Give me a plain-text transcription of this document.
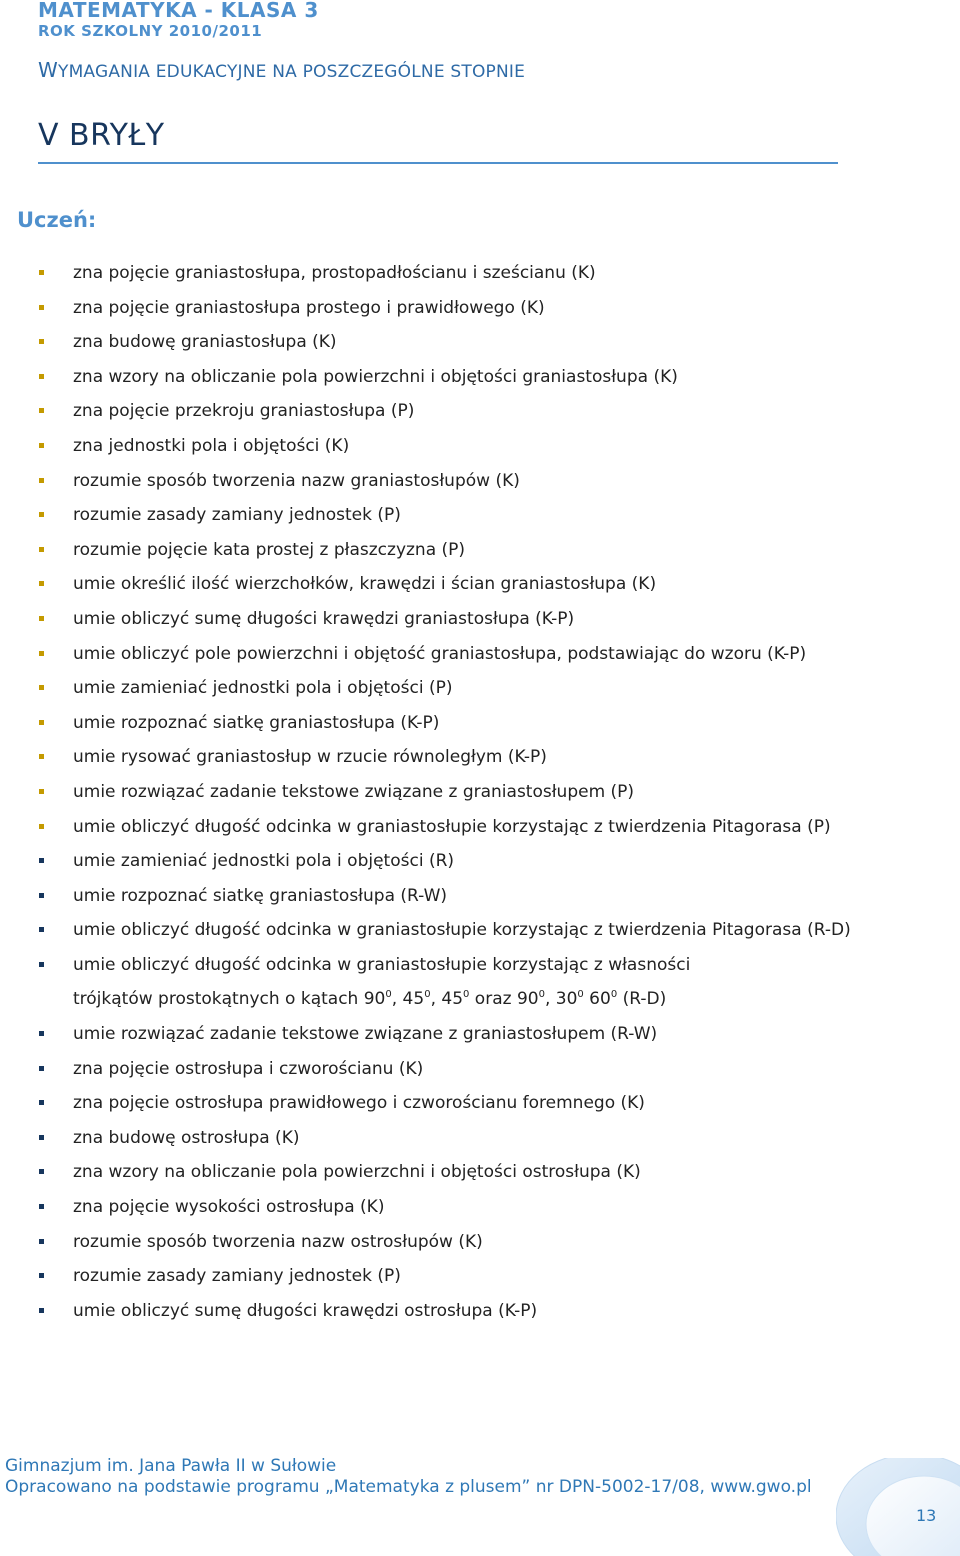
MATEMATYKA - KLASA 3
ROK SZKOLNY 2010/2011
WYMAGANIA EDUKACYJNE NA POSZCZEGÓLNE STOPNIE
V BRYŁY
Uczeń:
zna pojęcie graniastosłupa, prostopadłościanu i sześcianu (K)
zna pojęcie graniastosłupa prostego i prawidłowego (K)
zna budowę graniastosłupa (K)
zna wzory na obliczanie pola powierzchni i objętości graniastosłupa (K)
zna pojęcie przekroju graniastosłupa (P)
zna jednostki pola i objętości (K)
rozumie sposób tworzenia nazw graniastosłupów (K)
rozumie zasady zamiany jednostek (P)
rozumie pojęcie kata prostej z płaszczyzna (P)
umie określić ilość wierzchołków, krawędzi i ścian graniastosłupa (K)
umie obliczyć sumę długości krawędzi graniastosłupa (K-P)
umie obliczyć pole powierzchni i objętość graniastosłupa, podstawiając do wzoru (K-P)
umie zamieniać jednostki pola i objętości (P)
umie rozpoznać siatkę graniastosłupa (K-P)
umie rysować graniastosłup w rzucie równoległym (K-P)
umie rozwiązać zadanie tekstowe związane z graniastosłupem (P)
umie obliczyć długość odcinka w graniastosłupie korzystając z twierdzenia Pitagorasa (P)
umie zamieniać jednostki pola i objętości (R)
umie rozpoznać siatkę graniastosłupa (R-W)
umie obliczyć długość odcinka w graniastosłupie korzystając z twierdzenia Pitagorasa (R-D)
umie obliczyć długość odcinka w graniastosłupie korzystając z własności
trójkątów prostokątnych o kątach $90^0$, $45^0$, $45^0$ oraz $90^0$, $30^0$ $60^0$ (R-D)
umie rozwiązać zadanie tekstowe związane z graniastosłupem (R-W)
zna pojęcie ostrosłupa i czworościanu (K)
zna pojęcie ostrosłupa prawidłowego i czworościanu foremnego (K)
zna budowę ostrosłupa (K)
zna wzory na obliczanie pola powierzchni i objętości ostrosłupa (K)
zna pojęcie wysokości ostrosłupa (K)
rozumie sposób tworzenia nazw ostrosłupów (K)
rozumie zasady zamiany jednostek (P)
umie obliczyć sumę długości krawędzi ostrosłupa (K-P)
Gimnazjum im. Jana Pawła II w Sułowie
Opracowano na podstawie programu „Matematyka z plusem” nr DPN-5002-17/08, www.gwo.pl
13
